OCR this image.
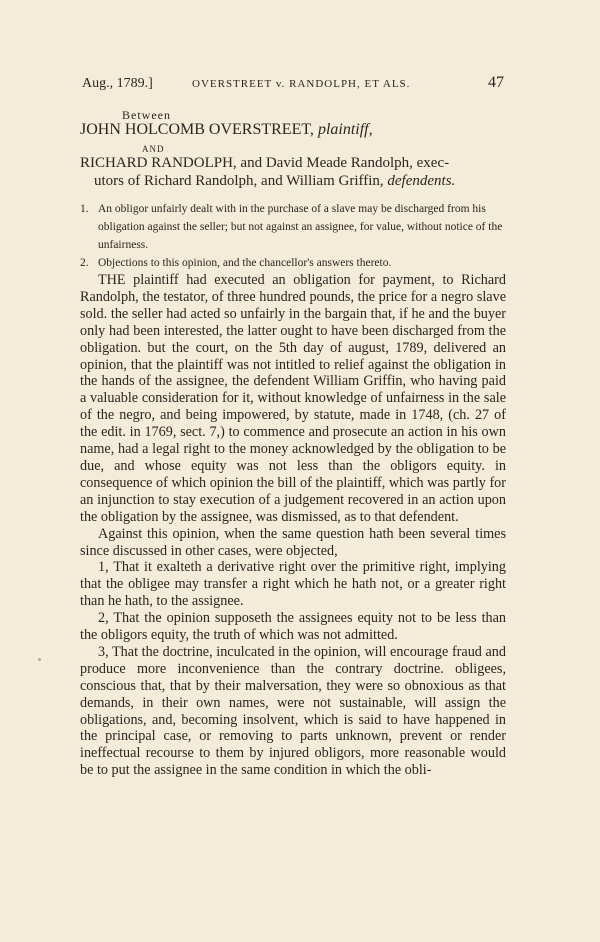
Aug., 1789.]	OVERSTREET v. RANDOLPH, ET ALS.	47
Between
JOHN HOLCOMB OVERSTREET, plaintiff,
AND
RICHARD RANDOLPH, and David Meade Randolph, exec-
utors of Richard Randolph, and William Griffin, defendents.
1. An obligor unfairly dealt with in the purchase of a slave may be discharged from his obligation against the seller; but not against an assignee, for value, without notice of the unfairness.
2. Objections to this opinion, and the chancellor's answers thereto.

THE plaintiff had executed an obligation for payment, to Richard Randolph, the testator, of three hundred pounds, the price for a negro slave sold. the seller had acted so unfairly in the bargain that, if he and the buyer only had been interested, the latter ought to have been discharged from the obligation. but the court, on the 5th day of august, 1789, delivered an opinion, that the plaintiff was not intitled to relief against the obligation in the hands of the assignee, the defendent William Griffin, who having paid a valuable consideration for it, without knowledge of unfairness in the sale of the negro, and being impowered, by statute, made in 1748, (ch. 27 of the edit. in 1769, sect. 7,) to commence and prosecute an action in his own name, had a legal right to the money acknowledged by the obligation to be due, and whose equity was not less than the obligors equity. in consequence of which opinion the bill of the plaintiff, which was partly for an injunction to stay execution of a judgement recovered in an action upon the obligation by the assignee, was dismissed, as to that defendent.

Against this opinion, when the same question hath been several times since discussed in other cases, were objected,

1, That it exalteth a derivative right over the primitive right, implying that the obligee may transfer a right which he hath not, or a greater right than he hath, to the assignee.

2, That the opinion supposeth the assignees equity not to be less than the obligors equity, the truth of which was not admitted.

3, That the doctrine, inculcated in the opinion, will encourage fraud and produce more inconvenience than the contrary doctrine. obligees, conscious that, that by their malversation, they were so obnoxious as that demands, in their own names, were not sustainable, will assign the obligations, and, becoming insolvent, which is said to have happened in the principal case, or removing to parts unknown, prevent or render ineffectual recourse to them by injured obligors, more reasonable would be to put the assignee in the same condition in which the obli-
